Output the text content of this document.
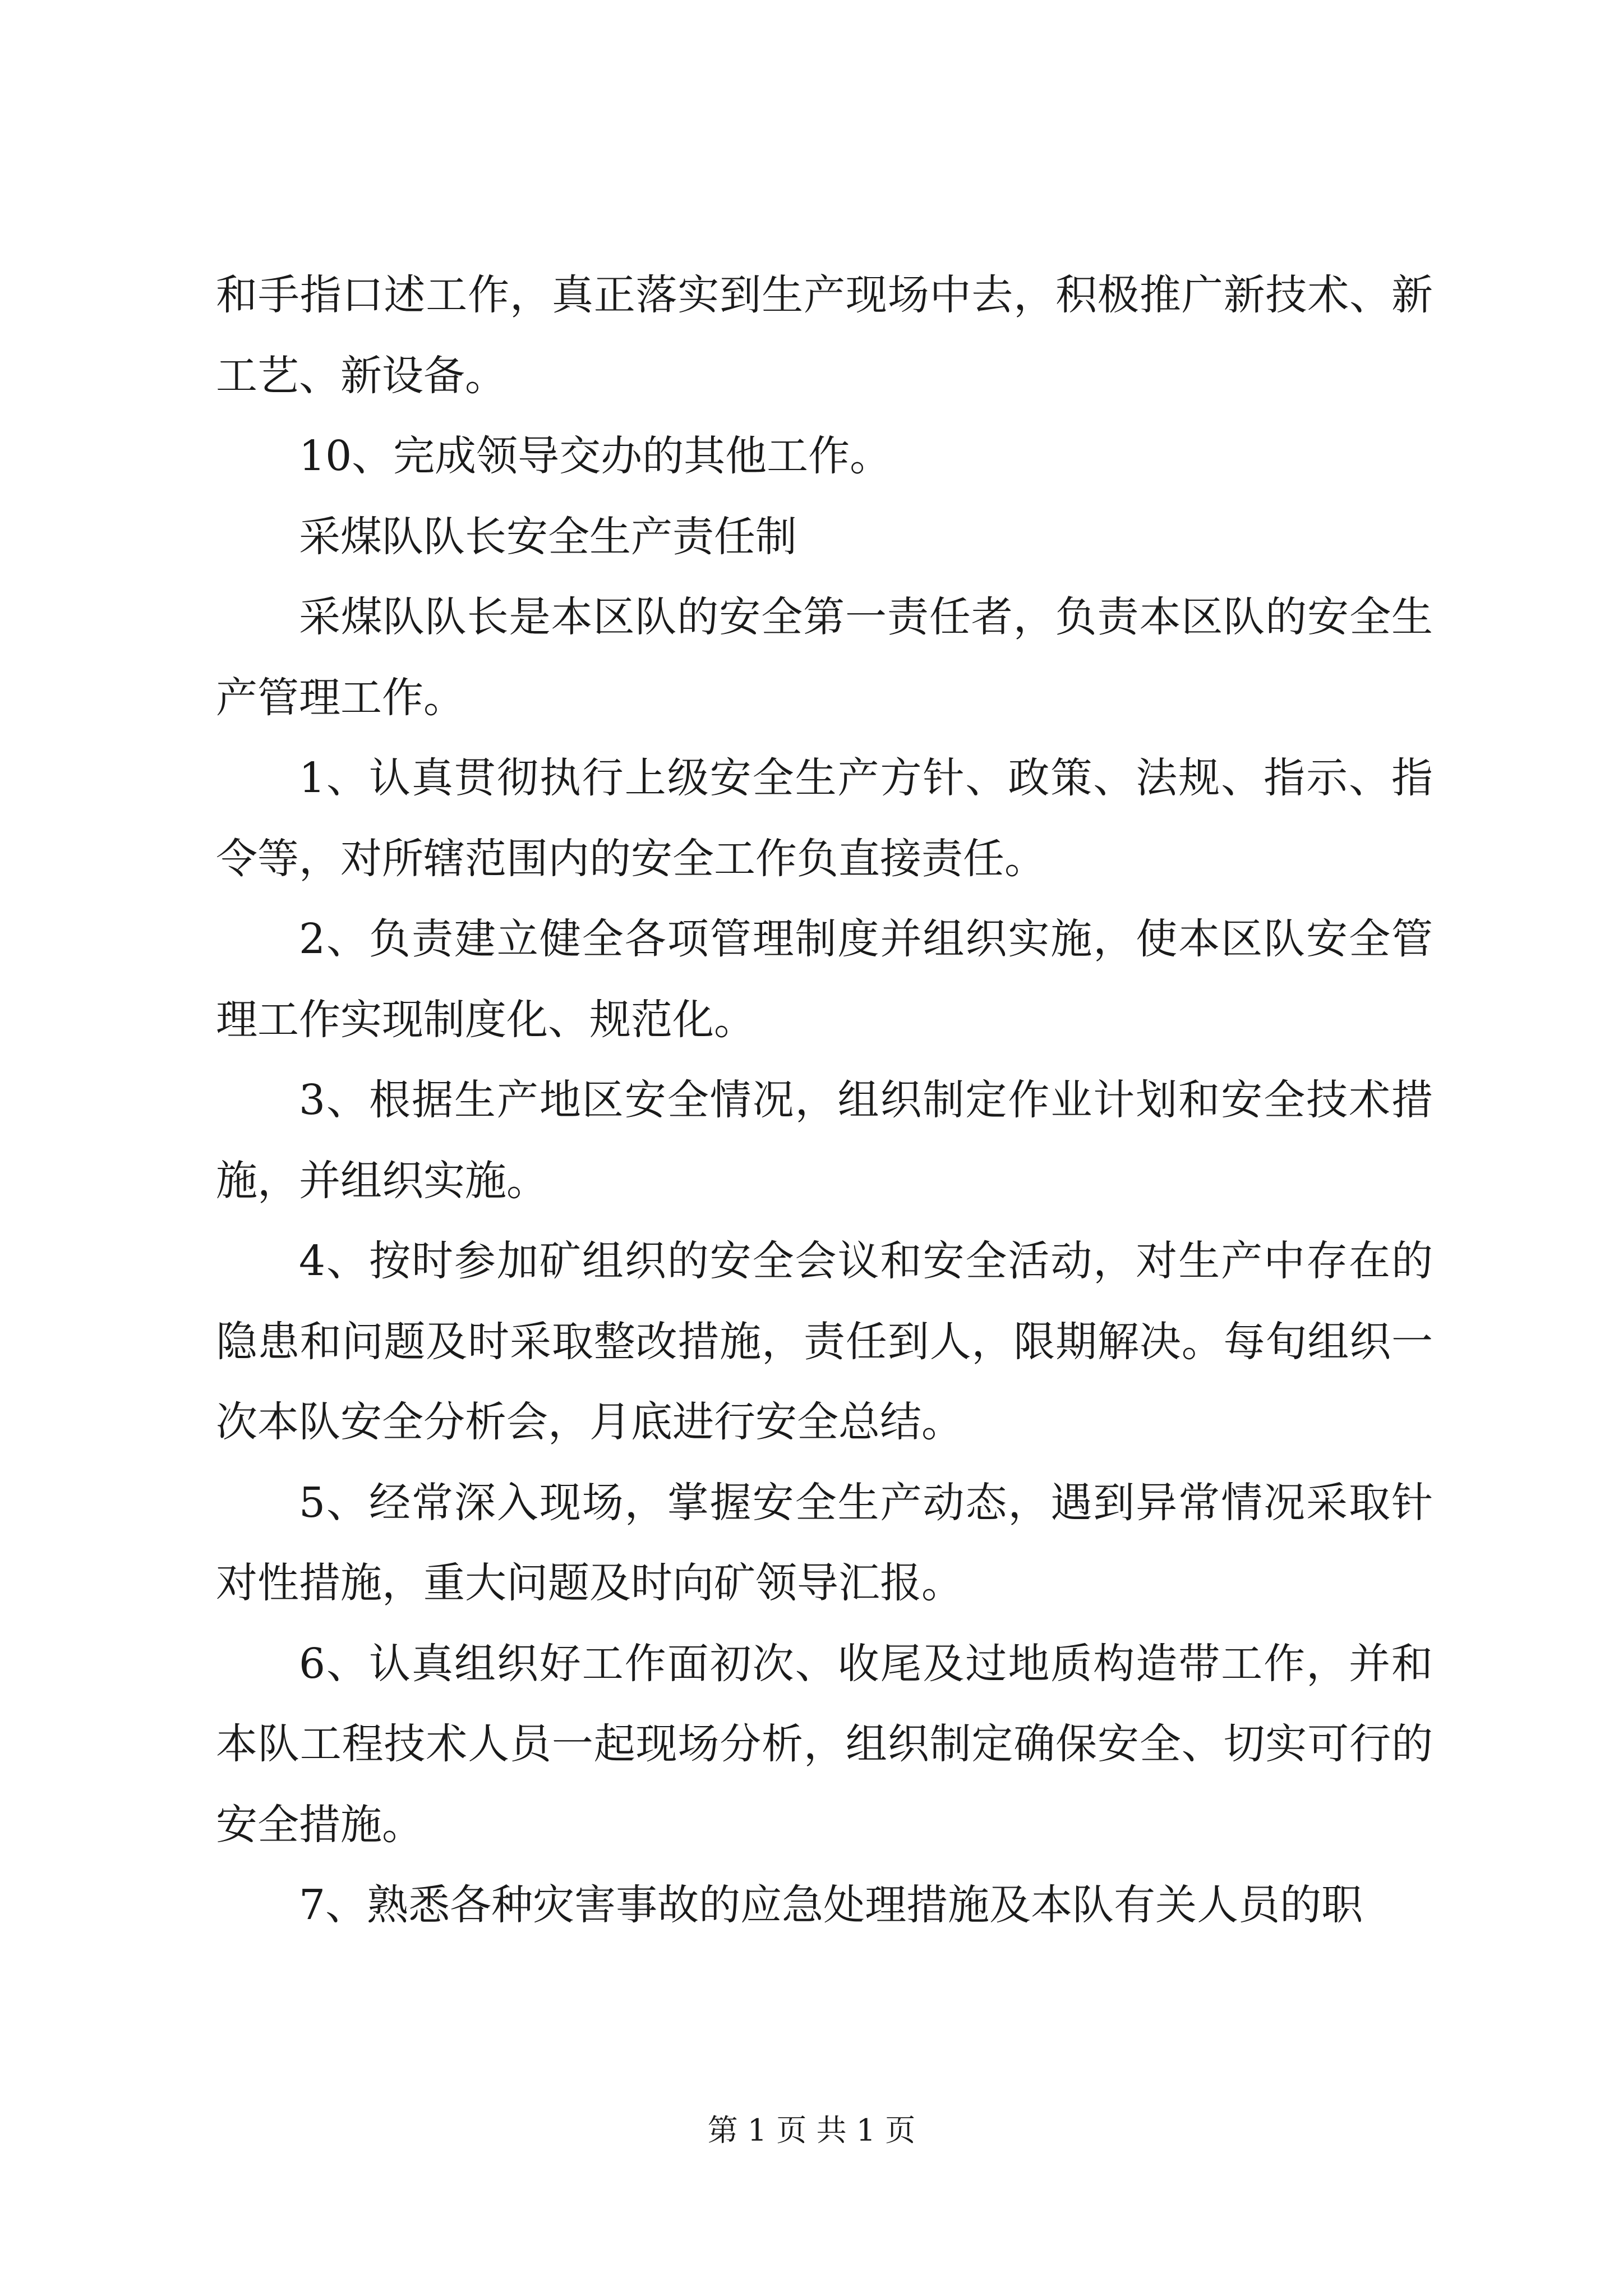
和手指口述工作，真正落实到生产现场中去，积极推广新技术、新工艺、新设备。

10、完成领导交办的其他工作。

采煤队队长安全生产责任制

采煤队队长是本区队的安全第一责任者，负责本区队的安全生产管理工作。

1、认真贯彻执行上级安全生产方针、政策、法规、指示、指令等，对所辖范围内的安全工作负直接责任。

2、负责建立健全各项管理制度并组织实施，使本区队安全管理工作实现制度化、规范化。

3、根据生产地区安全情况，组织制定作业计划和安全技术措施，并组织实施。

4、按时参加矿组织的安全会议和安全活动，对生产中存在的隐患和问题及时采取整改措施，责任到人，限期解决。每旬组织一次本队安全分析会，月底进行安全总结。

5、经常深入现场，掌握安全生产动态，遇到异常情况采取针对性措施，重大问题及时向矿领导汇报。

6、认真组织好工作面初次、收尾及过地质构造带工作，并和本队工程技术人员一起现场分析，组织制定确保安全、切实可行的安全措施。

7、熟悉各种灾害事故的应急处理措施及本队有关人员的职

第 1 页 共 1 页
